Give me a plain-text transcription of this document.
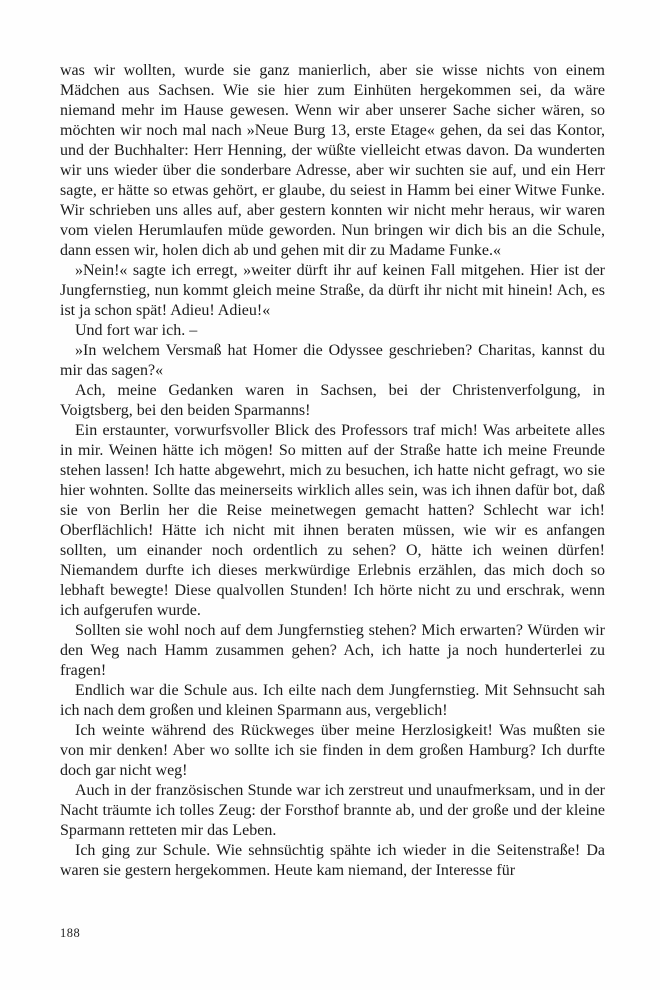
was wir wollten, wurde sie ganz manierlich, aber sie wisse nichts von einem Mädchen aus Sachsen. Wie sie hier zum Einhüten hergekommen sei, da wäre niemand mehr im Hause gewesen. Wenn wir aber unserer Sache sicher wären, so möchten wir noch mal nach »Neue Burg 13, erste Etage« gehen, da sei das Kontor, und der Buchhalter: Herr Henning, der wüßte vielleicht etwas davon. Da wunderten wir uns wieder über die sonderbare Adresse, aber wir suchten sie auf, und ein Herr sagte, er hätte so etwas gehört, er glaube, du seiest in Hamm bei einer Witwe Funke. Wir schrieben uns alles auf, aber gestern konnten wir nicht mehr heraus, wir waren vom vielen Herumlaufen müde geworden. Nun bringen wir dich bis an die Schule, dann essen wir, holen dich ab und gehen mit dir zu Madame Funke.«

»Nein!« sagte ich erregt, »weiter dürft ihr auf keinen Fall mitgehen. Hier ist der Jungfernstieg, nun kommt gleich meine Straße, da dürft ihr nicht mit hinein! Ach, es ist ja schon spät! Adieu! Adieu!«

Und fort war ich. –

»In welchem Versmaß hat Homer die Odyssee geschrieben? Charitas, kannst du mir das sagen?«

Ach, meine Gedanken waren in Sachsen, bei der Christenverfolgung, in Voigtsberg, bei den beiden Sparmanns!

Ein erstaunter, vorwurfsvoller Blick des Professors traf mich! Was arbeitete alles in mir. Weinen hätte ich mögen! So mitten auf der Straße hatte ich meine Freunde stehen lassen! Ich hatte abgewehrt, mich zu besuchen, ich hatte nicht gefragt, wo sie hier wohnten. Sollte das meinerseits wirklich alles sein, was ich ihnen dafür bot, daß sie von Berlin her die Reise meinetwegen gemacht hatten? Schlecht war ich! Oberflächlich! Hätte ich nicht mit ihnen beraten müssen, wie wir es anfangen sollten, um einander noch ordentlich zu sehen? O, hätte ich weinen dürfen! Niemandem durfte ich dieses merkwürdige Erlebnis erzählen, das mich doch so lebhaft bewegte! Diese qualvollen Stunden! Ich hörte nicht zu und erschrak, wenn ich aufgerufen wurde.

Sollten sie wohl noch auf dem Jungfernstieg stehen? Mich erwarten? Würden wir den Weg nach Hamm zusammen gehen? Ach, ich hatte ja noch hunderterlei zu fragen!

Endlich war die Schule aus. Ich eilte nach dem Jungfernstieg. Mit Sehnsucht sah ich nach dem großen und kleinen Sparmann aus, vergeblich!

Ich weinte während des Rückweges über meine Herzlosigkeit! Was mußten sie von mir denken! Aber wo sollte ich sie finden in dem großen Hamburg? Ich durfte doch gar nicht weg!

Auch in der französischen Stunde war ich zerstreut und unaufmerksam, und in der Nacht träumte ich tolles Zeug: der Forsthof brannte ab, und der große und der kleine Sparmann retteten mir das Leben.

Ich ging zur Schule. Wie sehnsüchtig spähte ich wieder in die Seitenstraße! Da waren sie gestern hergekommen. Heute kam niemand, der Interesse für

188
